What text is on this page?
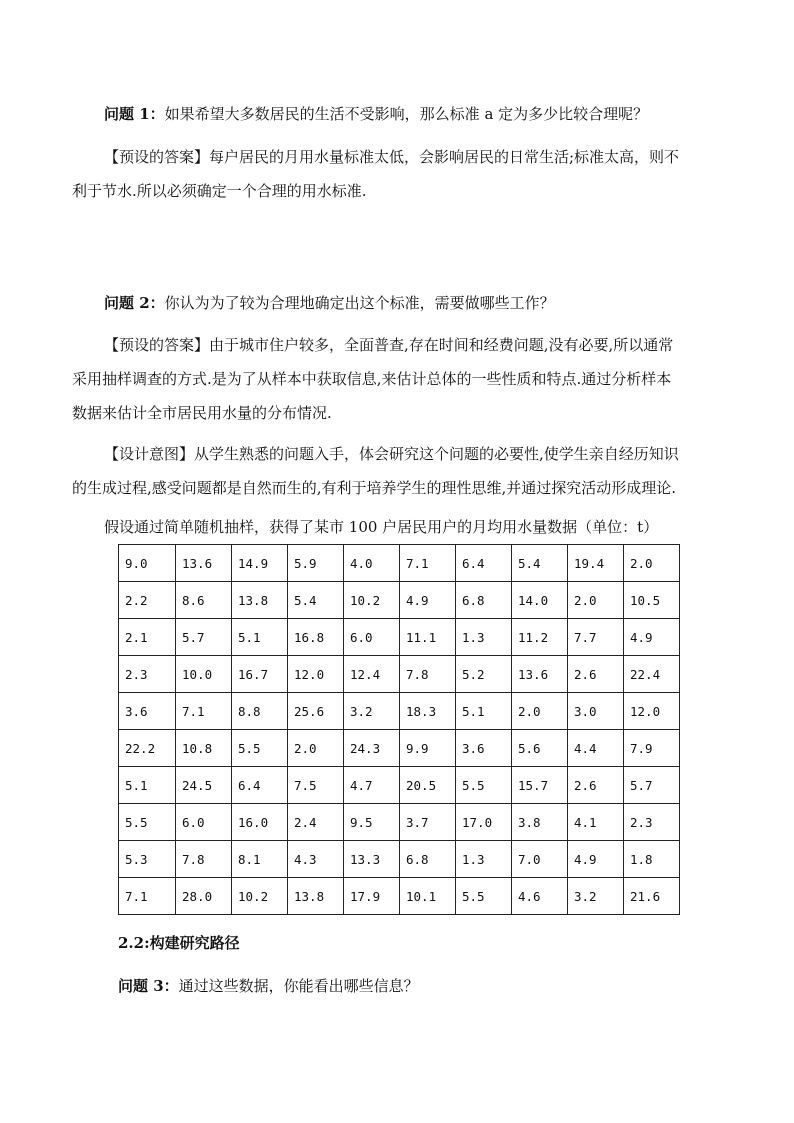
问题 1：如果希望大多数居民的生活不受影响，那么标准 a 定为多少比较合理呢？
【预设的答案】每户居民的月用水量标准太低，会影响居民的日常生活;标准太高，则不
利于节水.所以必须确定一个合理的用水标准.
问题 2：你认为为了较为合理地确定出这个标准，需要做哪些工作？
【预设的答案】由于城市住户较多，全面普查,存在时间和经费问题,没有必要,所以通常
采用抽样调查的方式.是为了从样本中获取信息,来估计总体的一些性质和特点.通过分析样本
数据来估计全市居民用水量的分布情况.
【设计意图】从学生熟悉的问题入手，体会研究这个问题的必要性,使学生亲自经历知识
的生成过程,感受问题都是自然而生的,有利于培养学生的理性思维,并通过探究活动形成理论.
假设通过简单随机抽样，获得了某市 100 户居民用户的月均用水量数据（单位：t）
9.0	13.6	14.9	5.9	4.0	7.1	6.4	5.4	19.4	2.0
2.2	8.6	13.8	5.4	10.2	4.9	6.8	14.0	2.0	10.5
2.1	5.7	5.1	16.8	6.0	11.1	1.3	11.2	7.7	4.9
2.3	10.0	16.7	12.0	12.4	7.8	5.2	13.6	2.6	22.4
3.6	7.1	8.8	25.6	3.2	18.3	5.1	2.0	3.0	12.0
22.2	10.8	5.5	2.0	24.3	9.9	3.6	5.6	4.4	7.9
5.1	24.5	6.4	7.5	4.7	20.5	5.5	15.7	2.6	5.7
5.5	6.0	16.0	2.4	9.5	3.7	17.0	3.8	4.1	2.3
5.3	7.8	8.1	4.3	13.3	6.8	1.3	7.0	4.9	1.8
7.1	28.0	10.2	13.8	17.9	10.1	5.5	4.6	3.2	21.6
2.2:构建研究路径
问题 3：通过这些数据，你能看出哪些信息？
